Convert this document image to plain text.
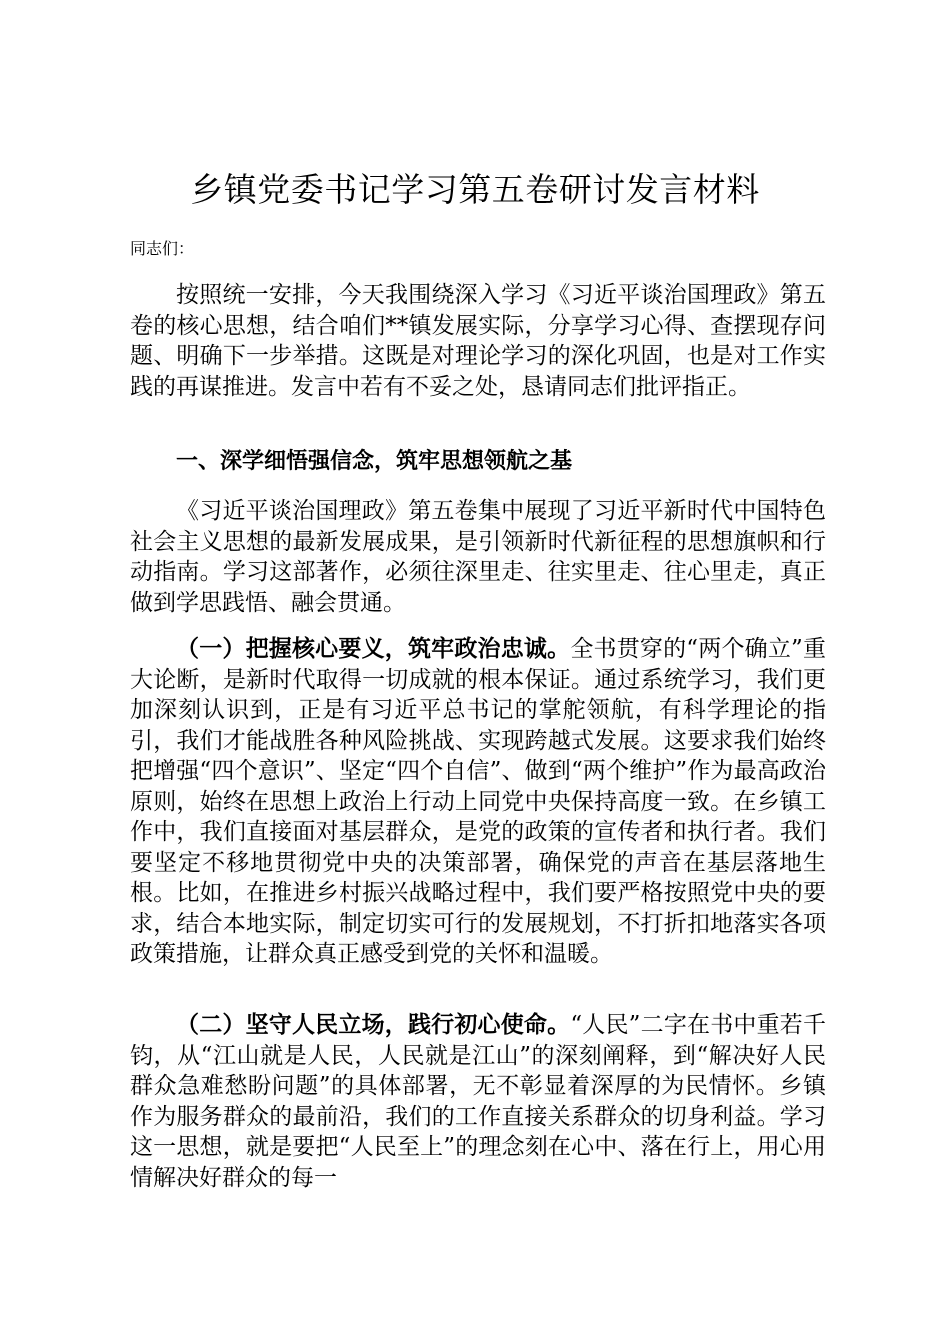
乡镇党委书记学习第五卷研讨发言材料
同志们：

按照统一安排，今天我围绕深入学习《习近平谈治国理政》第五卷的核心思想，结合咱们**镇发展实际，分享学习心得、查摆现存问题、明确下一步举措。这既是对理论学习的深化巩固，也是对工作实践的再谋推进。发言中若有不妥之处，恳请同志们批评指正。

一、深学细悟强信念，筑牢思想领航之基

《习近平谈治国理政》第五卷集中展现了习近平新时代中国特色社会主义思想的最新发展成果，是引领新时代新征程的思想旗帜和行动指南。学习这部著作，必须往深里走、往实里走、往心里走，真正做到学思践悟、融会贯通。

（一）把握核心要义，筑牢政治忠诚。全书贯穿的“两个确立”重大论断，是新时代取得一切成就的根本保证。通过系统学习，我们更加深刻认识到，正是有习近平总书记的掌舵领航，有科学理论的指引，我们才能战胜各种风险挑战、实现跨越式发展。这要求我们始终把增强“四个意识”、坚定“四个自信”、做到“两个维护”作为最高政治原则，始终在思想上政治上行动上同党中央保持高度一致。在乡镇工作中，我们直接面对基层群众，是党的政策的宣传者和执行者。我们要坚定不移地贯彻党中央的决策部署，确保党的声音在基层落地生根。比如，在推进乡村振兴战略过程中，我们要严格按照党中央的要求，结合本地实际，制定切实可行的发展规划，不打折扣地落实各项政策措施，让群众真正感受到党的关怀和温暖。

（二）坚守人民立场，践行初心使命。“人民”二字在书中重若千钧，从“江山就是人民，人民就是江山”的深刻阐释，到“解决好人民群众急难愁盼问题”的具体部署，无不彰显着深厚的为民情怀。乡镇作为服务群众的最前沿，我们的工作直接关系群众的切身利益。学习这一思想，就是要把“人民至上”的理念刻在心中、落在行上，用心用情解决好群众的每一
